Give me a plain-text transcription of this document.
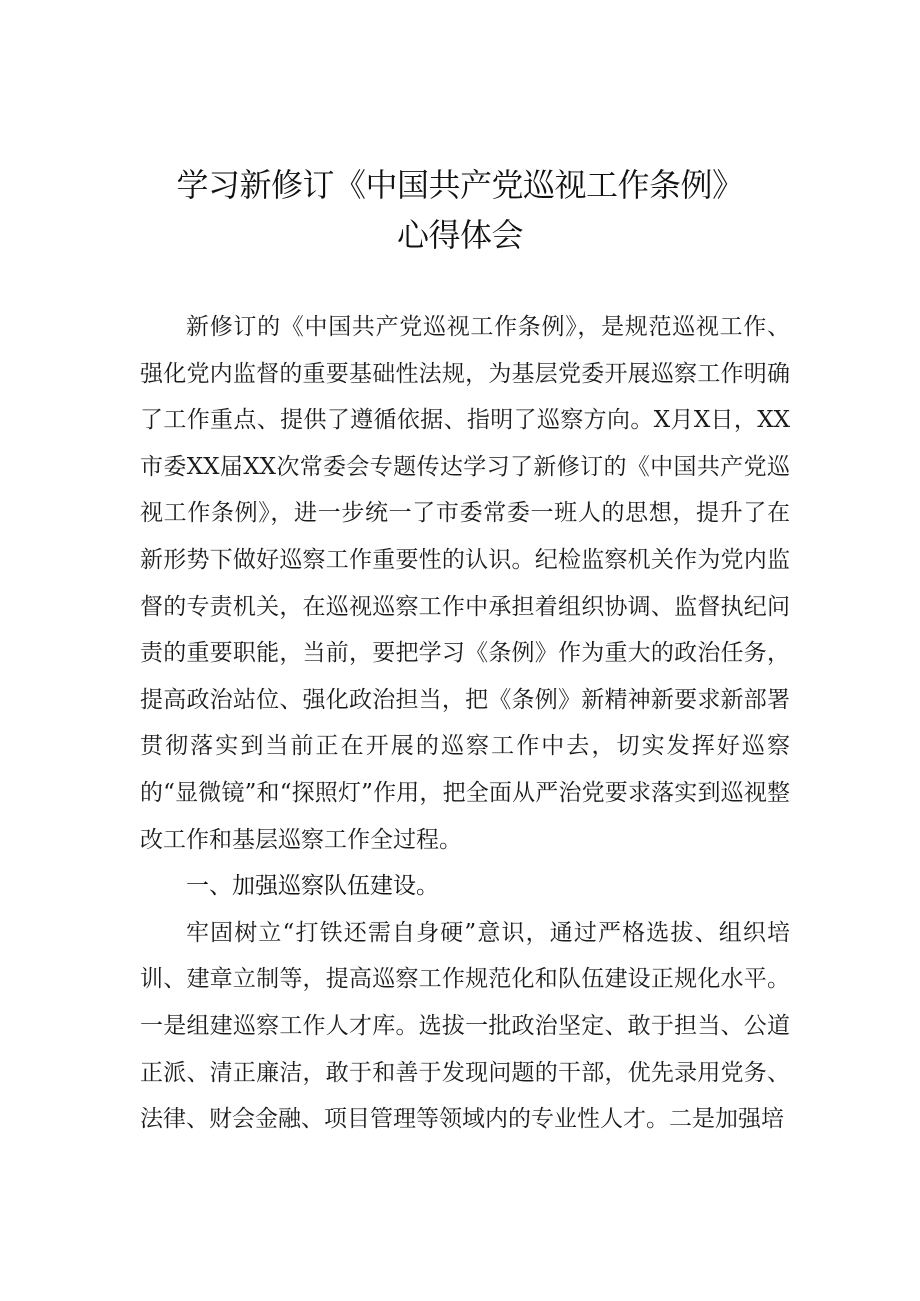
学习新修订《中国共产党巡视工作条例》
心得体会

新修订的《中国共产党巡视工作条例》，是规范巡视工作、强化党内监督的重要基础性法规，为基层党委开展巡察工作明确了工作重点、提供了遵循依据、指明了巡察方向。X月X日，XX市委XX届XX次常委会专题传达学习了新修订的《中国共产党巡视工作条例》，进一步统一了市委常委一班人的思想，提升了在新形势下做好巡察工作重要性的认识。纪检监察机关作为党内监督的专责机关，在巡视巡察工作中承担着组织协调、监督执纪问责的重要职能，当前，要把学习《条例》作为重大的政治任务，提高政治站位、强化政治担当，把《条例》新精神新要求新部署贯彻落实到当前正在开展的巡察工作中去，切实发挥好巡察的“显微镜”和“探照灯”作用，把全面从严治党要求落实到巡视整改工作和基层巡察工作全过程。

一、加强巡察队伍建设。

牢固树立“打铁还需自身硬”意识，通过严格选拔、组织培训、建章立制等，提高巡察工作规范化和队伍建设正规化水平。一是组建巡察工作人才库。选拔一批政治坚定、敢于担当、公道正派、清正廉洁，敢于和善于发现问题的干部，优先录用党务、法律、财会金融、项目管理等领域内的专业性人才。二是加强培
